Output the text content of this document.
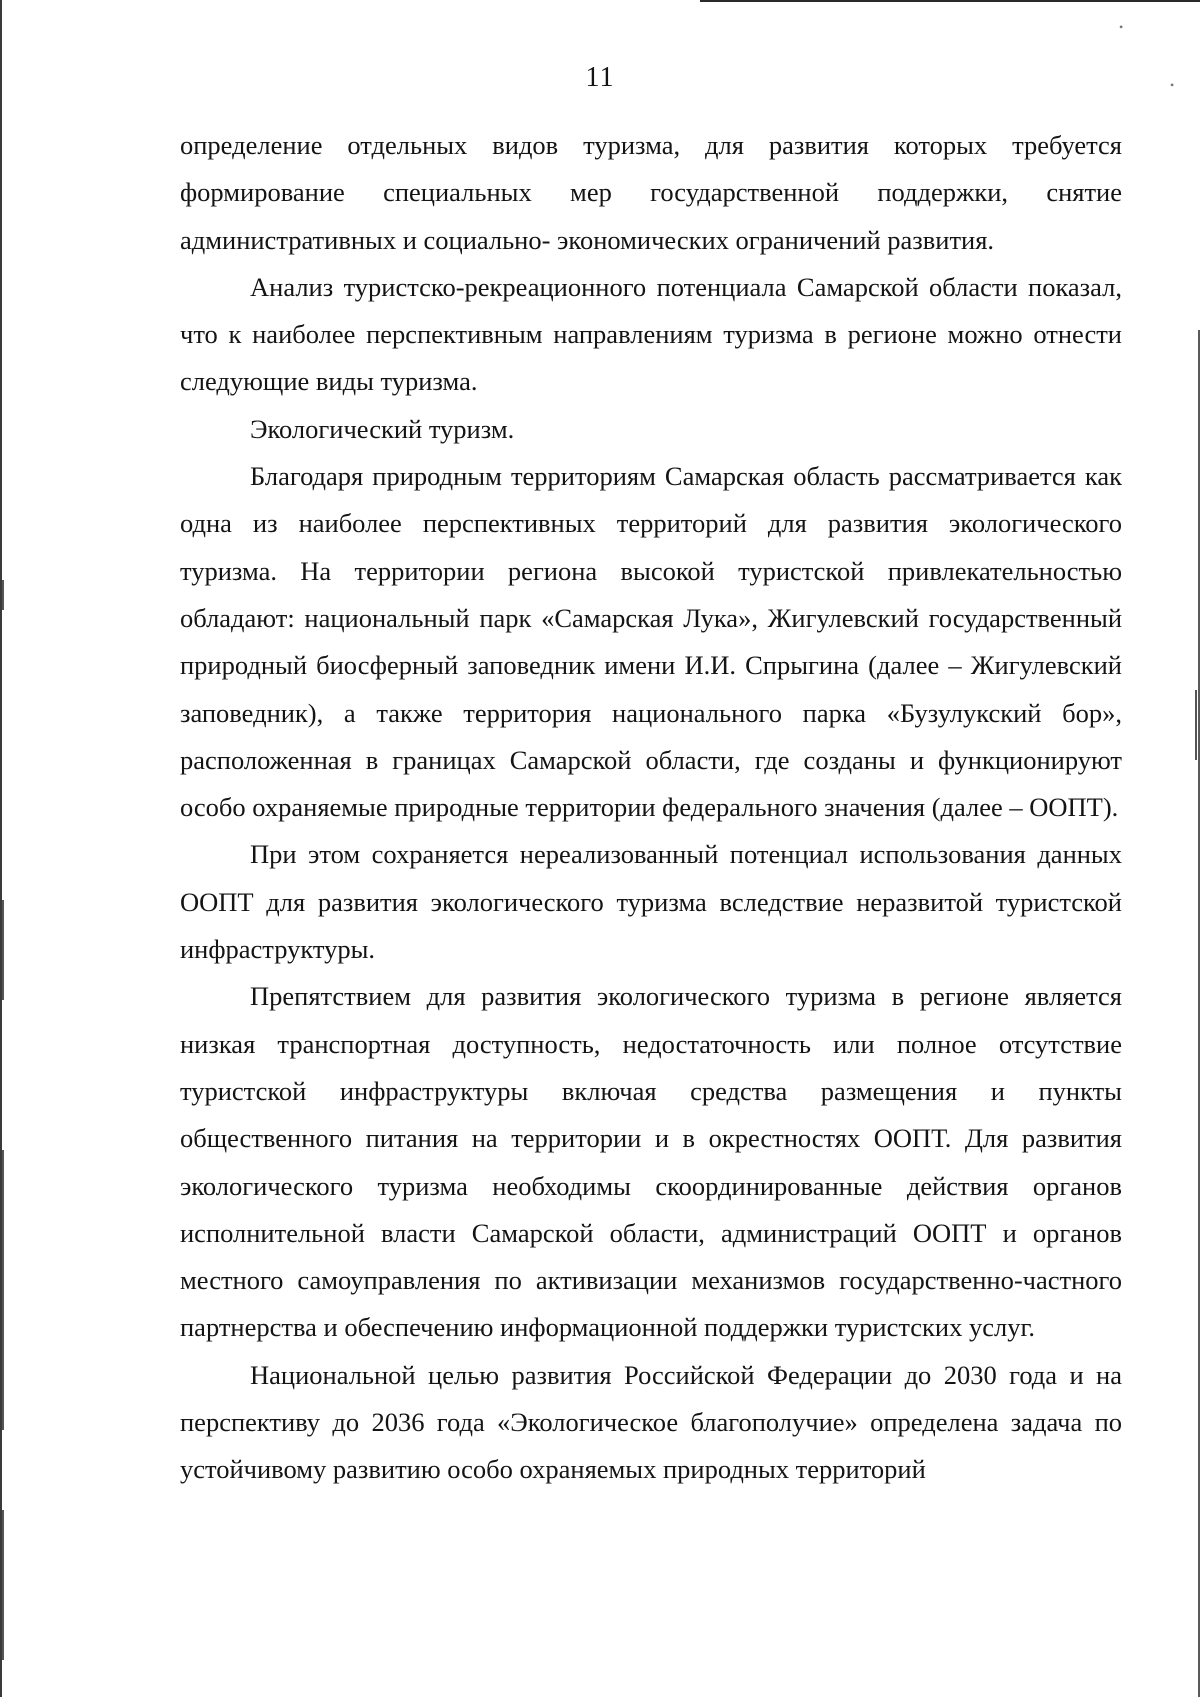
•
•
11

определение отдельных видов туризма, для развития которых требуется формирование специальных мер государственной поддержки, снятие административных и социально- экономических ограничений развития.

Анализ туристско-рекреационного потенциала Самарской области показал, что к наиболее перспективным направлениям туризма в регионе можно отнести следующие виды туризма.

Экологический туризм.

Благодаря природным территориям Самарская область рассматривается как одна из наиболее перспективных территорий для развития экологического туризма. На территории региона высокой туристской привлекательностью обладают: национальный парк «Самарская Лука», Жигулевский государственный природный биосферный заповедник имени И.И. Спрыгина (далее – Жигулевский заповедник), а также территория национального парка «Бузулукский бор», расположенная в границах Самарской области, где созданы и функционируют особо охраняемые природные территории федерального значения (далее – ООПТ).

При этом сохраняется нереализованный потенциал использования данных ООПТ для развития экологического туризма вследствие неразвитой туристской инфраструктуры.

Препятствием для развития экологического туризма в регионе является низкая транспортная доступность, недостаточность или полное отсутствие туристской инфраструктуры включая средства размещения и пункты общественного питания на территории и в окрестностях ООПТ. Для развития экологического туризма необходимы скоординированные действия органов исполнительной власти Самарской области, администраций ООПТ и органов местного самоуправления по активизации механизмов государственно-частного партнерства и обеспечению информационной поддержки туристских услуг.

Национальной целью развития Российской Федерации до 2030 года и на перспективу до 2036 года «Экологическое благополучие» определена задача по устойчивому развитию особо охраняемых природных территорий
